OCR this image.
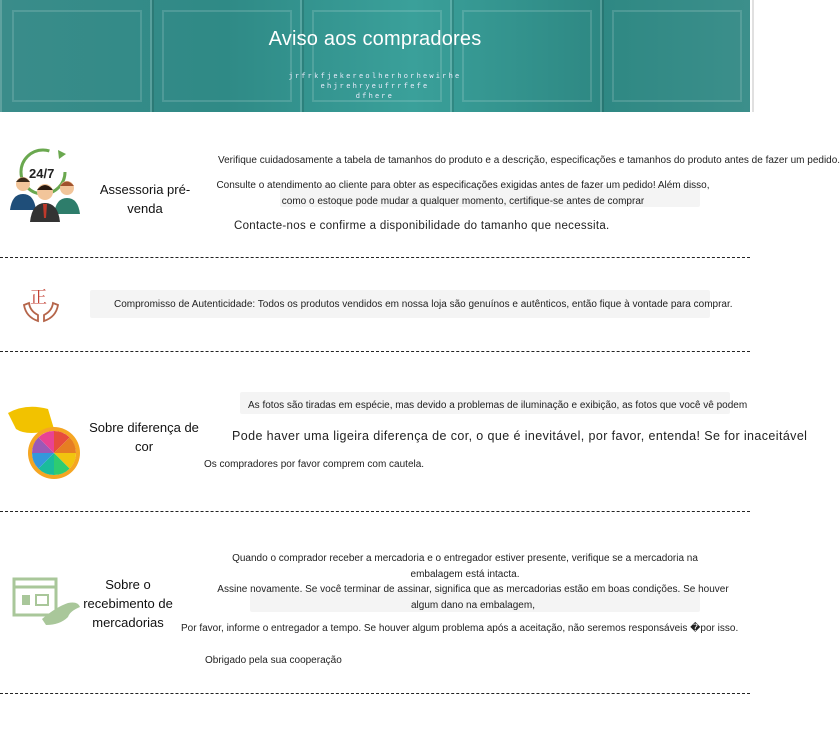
Aviso aos compradores
jrfrkfjekereolherhorhewirhe
ehjrehryeufrrfefe
dfhere
24/7
Assessoria pré-venda
Verifique cuidadosamente a tabela de tamanhos do produto e a descrição, especificações e tamanhos do produto antes de fazer um pedido.
Consulte o atendimento ao cliente para obter as especificações exigidas antes de fazer um pedido! Além disso, como o estoque pode mudar a qualquer momento, certifique-se antes de comprar
Contacte-nos e confirme a disponibilidade do tamanho que necessita.
正	Compromisso de Autenticidade: Todos os produtos vendidos em nossa loja são genuínos e autênticos, então fique à vontade para comprar.
Sobre diferença de cor
As fotos são tiradas em espécie, mas devido a problemas de iluminação e exibição, as fotos que você vê podem
Pode haver uma ligeira diferença de cor, o que é inevitável, por favor, entenda! Se for inaceitável
Os compradores por favor comprem com cautela.
Sobre o recebimento de mercadorias
Quando o comprador receber a mercadoria e o entregador estiver presente, verifique se a mercadoria na embalagem está intacta.
Assine novamente. Se você terminar de assinar, significa que as mercadorias estão em boas condições. Se houver algum dano na embalagem,
Por favor, informe o entregador a tempo. Se houver algum problema após a aceitação, não seremos responsáveis �por isso.
Obrigado pela sua cooperação
